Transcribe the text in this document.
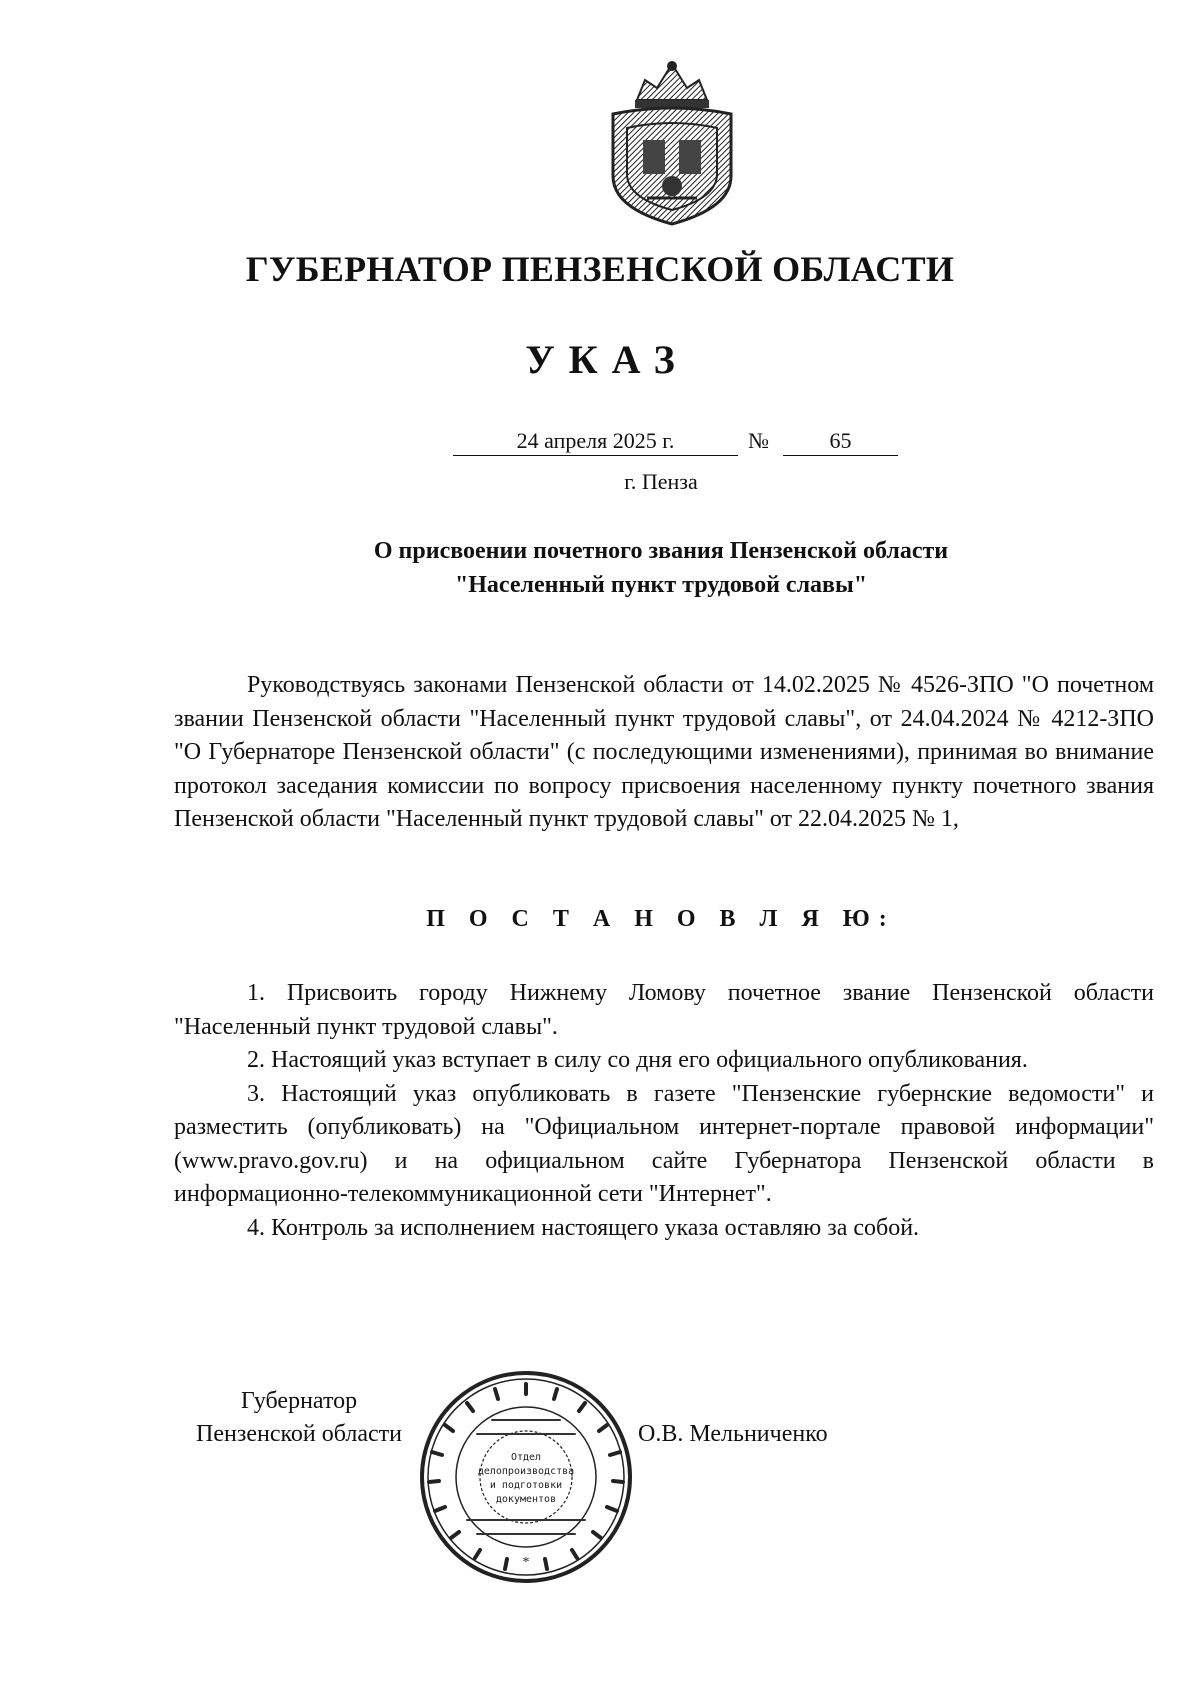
ГУБЕРНАТОР ПЕНЗЕНСКОЙ ОБЛАСТИ
УКАЗ
24 апреля 2025 г.	№	65
г. Пенза
О присвоении почетного звания Пензенской области
"Населенный пункт трудовой славы"
Руководствуясь законами Пензенской области от 14.02.2025 № 4526-ЗПО "О почетном звании Пензенской области "Населенный пункт трудовой славы", от 24.04.2024 № 4212-ЗПО "О Губернаторе Пензенской области" (с последующими изменениями), принимая во внимание протокол заседания комиссии по вопросу присвоения населенному пункту почетного звания Пензенской области "Населенный пункт трудовой славы" от 22.04.2025 № 1,
П О С Т А Н О В Л Я Ю:

1. Присвоить городу Нижнему Ломову почетное звание Пензенской области "Населенный пункт трудовой славы".

2. Настоящий указ вступает в силу со дня его официального опубликования.

3. Настоящий указ опубликовать в газете "Пензенские губернские ведомости" и разместить (опубликовать) на "Официальном интернет-портале правовой информации" (www.pravo.gov.ru) и на официальном сайте Губернатора Пензенской области в информационно-телекоммуникационной сети "Интернет".

4. Контроль за исполнением настоящего указа оставляю за собой.

Губернатор
Пензенской области	О.В. Мельниченко
Отдел
делопроизводства
и подготовки
документов
*
